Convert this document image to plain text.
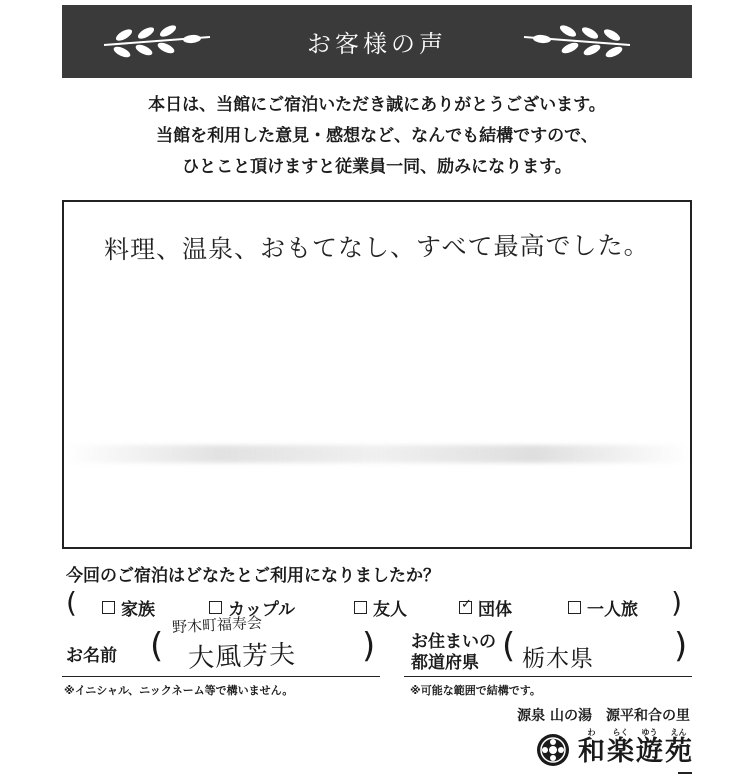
お客様の声
本日は、当館にご宿泊いただき誠にありがとうございます。
当館を利用した意見・感想など、なんでも結構ですので、
ひとこと頂けますと従業員一同、励みになります。
料理、温泉、おもてなし、すべて最高でした。
今回のご宿泊はどなたとご利用になりましたか？
(	家族	カップル	友人	✓ 団体	一人旅 )
お名前 (
野木町福寿会
大風芳夫 )
※イニシャル、ニックネーム等で構いません。
お住まいの
都道府県 ( 栃木県 )
※可能な範囲で結構です。
源泉 山の湯　源平和合の里
わ
和
らく
楽
ゆう
遊
えん
苑
